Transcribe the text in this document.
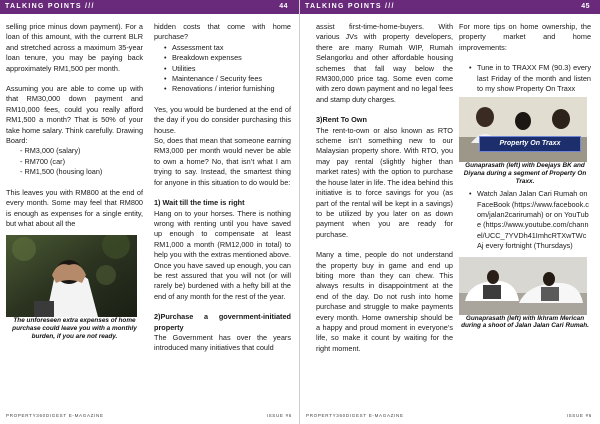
TALKING POINTS ///	44

selling price minus down payment). For a loan of this amount, with the current BLR and stretched across a maximum 35-year loan tenure, you may be paying back approximately RM1,500 per month.

Assuming you are able to come up with that RM30,000 down payment and RM10,000 fees, could you really afford RM1,500 a month? That is 50% of your take home salary. Think carefully. Drawing Board:

- RM3,000 (salary)

- RM700 (car)

- RM1,500 (housing loan)

This leaves you with RM800 at the end of every month. Some may feel that RM800 is enough as expenses for a single entity, but what about all the

The unforeseen extra expenses of home purchase could leave you with a monthly burden, if you are not ready.

hidden costs that come with home purchase?

• Assessment tax
• Breakdown expenses
• Utilities
• Maintenance / Security fees
• Renovations / interior furnishing

Yes, you would be burdened at the end of the day if you do consider purchasing this house.

So, does that mean that someone earning RM3,000 per month would never be able to own a home? No, that isn’t what I am trying to say. Instead, the smartest thing for anyone in this situation to do would be:

1) Wait till the time is right

Hang on to your horses. There is nothing wrong with renting until you have saved up enough to compensate at least RM1,000 a month (RM12,000 in total) to help you with the extras mentioned above. Once you have saved up enough, you can be rest assured that you will not (or will rarely be) burdened with a hefty bill at the end of any month for the rest of the year.

2)Purchase a government-initiated property

The Government has over the years introduced many initiatives that could

PROPERTY360DIGEST E-MAGAZINE	ISSUE #6
TALKING POINTS ///	45

assist first-time-home-buyers. With various JVs with property developers, there are many Rumah WIP, Rumah Selangorku and other affordable housing schemes that fall way below the RM300,000 price tag. Some even come with zero down payment and no legal fees and stamp duty charges.

3)Rent To Own

The rent-to-own or also known as RTO scheme isn’t something new to our Malaysian property shore. With RTO, you may pay rental (slightly higher than market rates) with the option to purchase the house later in life. The idea behind this initiative is to force savings for you (as part of the rental will be kept in a savings) to be utilized by you later on as down payment when you are ready for purchase.

Many a time, people do not understand the property buy in game and end up biting more than they can chew. This always results in disappointment at the end of the day. Do not rush into home purchase and struggle to make payments every month. Home ownership should be a happy and proud moment in everyone’s life, so make it count by waiting for the right moment.

For more tips on home ownership, the property market and home improvements:

• Tune in to TRAXX FM (90.3) every last Friday of the month and listen to my show Property On Traxx
Property On Traxx

Gunaprasath (left) with Deejays BK and Diyana during a segment of Property On Traxx.

• Watch Jalan Jalan Cari Rumah on FaceBook (https://www.facebook.com/jalan2carirumah) or on YouTube (https://www.youtube.com/channel/UCC_7YVDh41ImhcRTXwTWcAj every fortnight (Thursdays)

Gunaprasath (left) with Ikhram Merican during a shoot of Jalan Jalan Cari Rumah.

PROPERTY360DIGEST E-MAGAZINE	ISSUE #6
